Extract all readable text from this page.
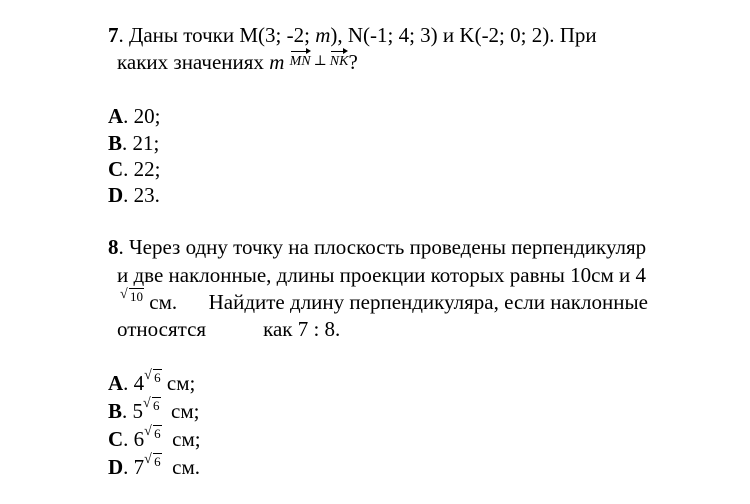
7. Даны точки M(3; -2; m), N(-1; 4; 3) и K(-2; 0; 2). При
каких значениях m MN ⊥ NK?
A. 20;
B. 21;
C. 22;
D. 23.
8. Через одну точку на плоскость проведены перпендикуляр
и две наклонные, длины проекции которых равны 10см и 4
√ 10 см.      Найдите длину перпендикуляра, если наклонные
относятся	как 7 : 8.
A. 4 √ 6 см;
B. 5 √ 6 см;
C. 6 √ 6 см;
D. 7 √ 6 см.
